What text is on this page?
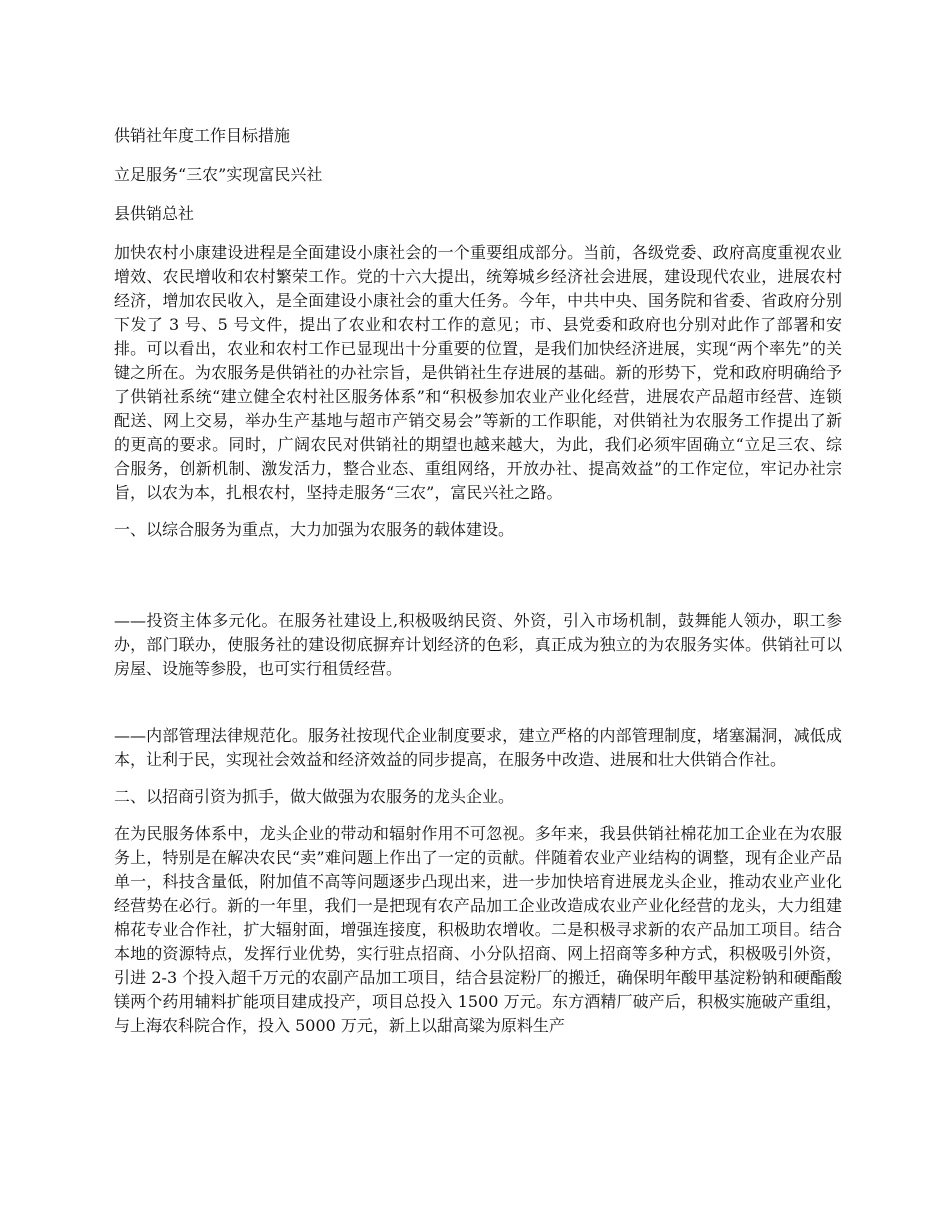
供销社年度工作目标措施

立足服务“三农”实现富民兴社

县供销总社

加快农村小康建设进程是全面建设小康社会的一个重要组成部分。当前，各级党委、政府高度重视农业增效、农民增收和农村繁荣工作。党的十六大提出，统筹城乡经济社会进展，建设现代农业，进展农村经济，增加农民收入，是全面建设小康社会的重大任务。今年，中共中央、国务院和省委、省政府分别下发了 3 号、5 号文件，提出了农业和农村工作的意见；市、县党委和政府也分别对此作了部署和安排。可以看出，农业和农村工作已显现出十分重要的位置，是我们加快经济进展，实现“两个率先”的关键之所在。为农服务是供销社的办社宗旨，是供销社生存进展的基础。新的形势下，党和政府明确给予了供销社系统“建立健全农村社区服务体系”和“积极参加农业产业化经营，进展农产品超市经营、连锁配送、网上交易，举办生产基地与超市产销交易会”等新的工作职能，对供销社为农服务工作提出了新的更高的要求。同时，广阔农民对供销社的期望也越来越大，为此，我们必须牢固确立“立足三农、综合服务，创新机制、激发活力，整合业态、重组网络，开放办社、提高效益”的工作定位，牢记办社宗旨，以农为本，扎根农村，坚持走服务“三农”，富民兴社之路。

一、以综合服务为重点，大力加强为农服务的载体建设。

——投资主体多元化。在服务社建设上,积极吸纳民资、外资，引入市场机制，鼓舞能人领办，职工参办，部门联办，使服务社的建设彻底摒弃计划经济的色彩，真正成为独立的为农服务实体。供销社可以房屋、设施等参股，也可实行租赁经营。

——内部管理法律规范化。服务社按现代企业制度要求，建立严格的内部管理制度，堵塞漏洞，减低成本，让利于民，实现社会效益和经济效益的同步提高，在服务中改造、进展和壮大供销合作社。

二、以招商引资为抓手，做大做强为农服务的龙头企业。

在为民服务体系中，龙头企业的带动和辐射作用不可忽视。多年来，我县供销社棉花加工企业在为农服务上，特别是在解决农民“卖”难问题上作出了一定的贡献。伴随着农业产业结构的调整，现有企业产品单一，科技含量低，附加值不高等问题逐步凸现出来，进一步加快培育进展龙头企业，推动农业产业化经营势在必行。新的一年里，我们一是把现有农产品加工企业改造成农业产业化经营的龙头，大力组建棉花专业合作社，扩大辐射面，增强连接度，积极助农增收。二是积极寻求新的农产品加工项目。结合本地的资源特点，发挥行业优势，实行驻点招商、小分队招商、网上招商等多种方式，积极吸引外资，引进 2-3 个投入超千万元的农副产品加工项目，结合县淀粉厂的搬迁，确保明年酸甲基淀粉钠和硬酯酸镁两个药用辅料扩能项目建成投产，项目总投入 1500 万元。东方酒精厂破产后，积极实施破产重组，与上海农科院合作，投入 5000 万元，新上以甜高粱为原料生产
